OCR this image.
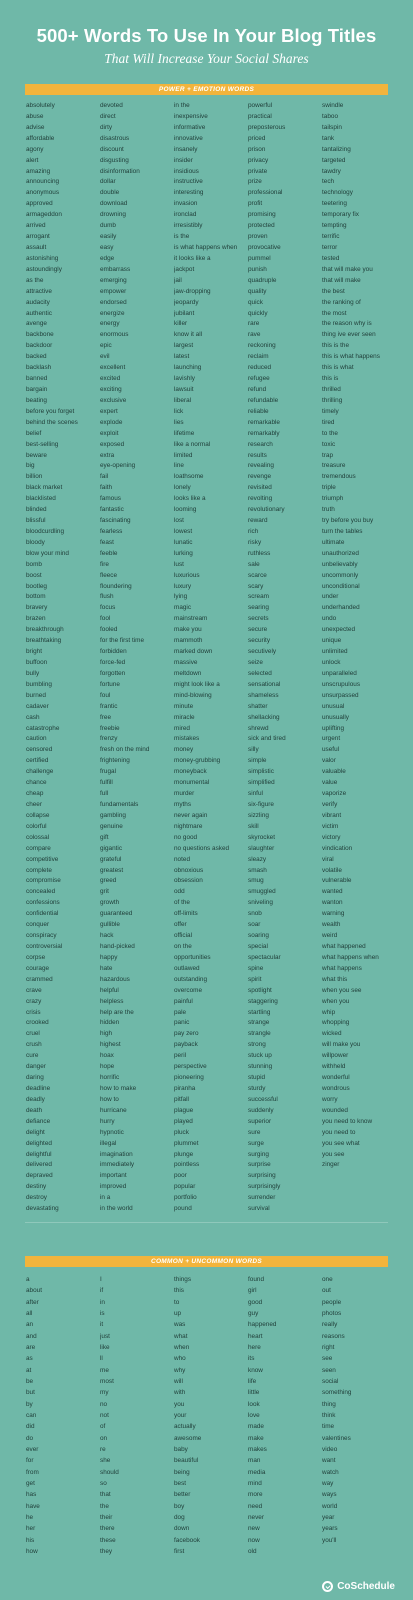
500+ Words To Use In Your Blog Titles
That Will Increase Your Social Shares
POWER + EMOTION WORDS
absolutely
abuse
advise
affordable
agony
alert
amazing
announcing
anonymous
approved
armageddon
arrived
arrogant
assault
astonishing
astoundingly
as the
attractive
audacity
authentic
avenge
backbone
backdoor
backed
backlash
banned
bargain
beating
before you forget
behind the scenes
belief
best-selling
beware
big
billion
black market
blacklisted
blinded
blissful
bloodcurdling
bloody
blow your mind
bomb
boost
bootleg
bottom
bravery
brazen
breakthrough
breathtaking
bright
buffoon
bully
bumbling
burned
cadaver
cash
catastrophe
caution
censored
certified
challenge
chance
cheap
cheer
collapse
colorful
colossal
compare
competitive
complete
compromise
concealed
confessions
confidential
conquer
conspiracy
controversial
corpse
courage
crammed
crave
crazy
crisis
crooked
cruel
crush
cure
danger
daring
deadline
deadly
death
defiance
delight
delighted
delightful
delivered
depraved
destiny
destroy
devastating
devoted
direct
dirty
disastrous
discount
disgusting
disinformation
dollar
double
download
drowning
dumb
easily
easy
edge
embarrass
emerging
empower
endorsed
energize
energy
enormous
epic
evil
excellent
excited
exciting
exclusive
expert
explode
exploit
exposed
extra
eye-opening
fail
faith
famous
fantastic
fascinating
fearless
feast
feeble
fire
fleece
floundering
flush
focus
fool
fooled
for the first time
forbidden
force-fed
forgotten
fortune
foul
frantic
free
freebie
frenzy
fresh on the mind
frightening
frugal
fulfill
full
fundamentals
gambling
genuine
gift
gigantic
grateful
greatest
greed
grit
growth
guaranteed
gullible
hack
hand-picked
happy
hate
hazardous
helpful
helpless
help are the
hidden
high
highest
hoax
hope
horrific
how to make
how to
hurricane
hurry
hypnotic
illegal
imagination
immediately
important
improved
in a
in the world
in the
inexpensive
informative
innovative
insanely
insider
insidious
instructive
interesting
invasion
ironclad
irresistibly
is the
is what happens when
it looks like a
jackpot
jail
jaw-dropping
jeopardy
jubilant
killer
know it all
largest
latest
launching
lavishly
lawsuit
liberal
lick
lies
lifetime
like a normal
limited
line
loathsome
lonely
looks like a
looming
lost
lowest
lunatic
lurking
lust
luxurious
luxury
lying
magic
mainstream
make you
mammoth
marked down
massive
meltdown
might look like a
mind-blowing
minute
miracle
mired
mistakes
money
money-grubbing
moneyback
monumental
murder
myths
never again
nightmare
no good
no questions asked
noted
obnoxious
obsession
odd
of the
off-limits
offer
official
on the
opportunities
outlawed
outstanding
overcome
painful
pale
panic
pay zero
payback
peril
perspective
pioneering
piranha
pitfall
plague
played
pluck
plummet
plunge
pointless
poor
popular
portfolio
pound
powerful
practical
preposterous
priced
prison
privacy
private
prize
professional
profit
promising
protected
proven
provocative
pummel
punish
quadruple
quality
quick
quickly
rare
rave
reckoning
reclaim
reduced
refugee
refund
refundable
reliable
remarkable
remarkably
research
results
revealing
revenge
revisited
revolting
revolutionary
reward
rich
risky
ruthless
sale
scarce
scary
scream
searing
secrets
secure
security
secutively
seize
selected
sensational
shameless
shatter
shellacking
shrewd
sick and tired
silly
simple
simplistic
simplified
sinful
six-figure
sizzling
skill
skyrocket
slaughter
sleazy
smash
smug
smuggled
sniveling
snob
soar
soaring
special
spectacular
spine
spirit
spotlight
staggering
startling
strange
strangle
strong
stuck up
stunning
stupid
sturdy
successful
suddenly
superior
sure
surge
surging
surprise
surprising
surprisingly
surrender
survival
swindle
taboo
tailspin
tank
tantalizing
targeted
tawdry
tech
technology
teetering
temporary fix
tempting
terrific
terror
tested
that will make you
that will make
the best
the ranking of
the most
the reason why is
thing ive ever seen
this is the
this is what happens
this is what
this is
thrilled
thrilling
timely
tired
to the
toxic
trap
treasure
tremendous
triple
triumph
truth
try before you buy
turn the tables
ultimate
unauthorized
unbelievably
uncommonly
unconditional
under
underhanded
undo
unexpected
unique
unlimited
unlock
unparalleled
unscrupulous
unsurpassed
unusual
unusually
uplifting
urgent
useful
valor
valuable
value
vaporize
verify
vibrant
victim
victory
vindication
viral
volatile
vulnerable
wanted
wanton
warning
wealth
weird
what happened
what happens when
what happens
what this
when you see
when you
whip
whopping
wicked
will make you
willpower
withheld
wonderful
wondrous
worry
wounded
you need to know
you need to
you see what
you see
zinger
COMMON + UNCOMMON WORDS
a
about
after
all
an
and
are
as
at
be
but
by
can
did
do
ever
for
from
get
has
have
he
her
his
how
I
if
in
is
it
just
like
ll
me
most
my
no
not
of
on
re
she
should
so
that
the
their
there
these
they
things
this
to
up
was
what
when
who
why
will
with
you
your
actually
awesome
baby
beautiful
being
best
better
boy
dog
down
facebook
first
found
girl
good
guy
happened
heart
here
its
know
life
little
look
love
made
make
makes
man
media
mind
more
need
never
new
now
old
one
out
people
photos
really
reasons
right
see
seen
social
something
thing
think
time
valentines
video
want
watch
way
ways
world
year
years
you'll
CoSchedule
